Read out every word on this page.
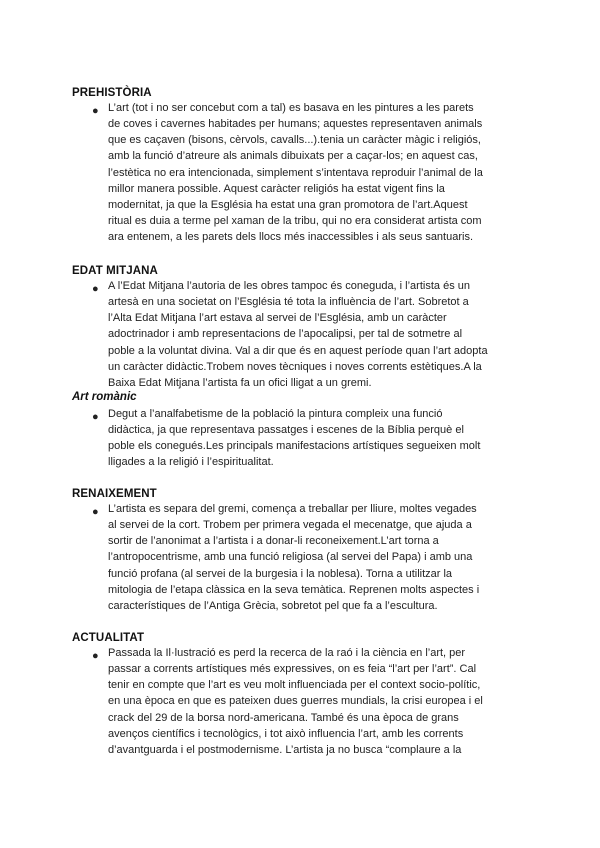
PREHISTÒRIA
● L’art (tot i no ser concebut com a tal) es basava en les pintures a les parets
de coves i cavernes habitades per humans; aquestes representaven animals
que es caçaven (bisons, cèrvols, cavalls...).tenia un caràcter màgic i religiós,
amb la funció d’atreure als animals dibuixats per a caçar-los; en aquest cas,
l’estètica no era intencionada, simplement s’intentava reproduir l’animal de la
millor manera possible. Aquest caràcter religiós ha estat vigent fins la
modernitat, ja que la Església ha estat una gran promotora de l’art.Aquest
ritual es duia a terme pel xaman de la tribu, qui no era considerat artista com
ara entenem, a les parets dels llocs més inaccessibles i als seus santuaris.
EDAT MITJANA
● A l’Edat Mitjana l’autoria de les obres tampoc és coneguda, i l’artista és un
artesà en una societat on l’Església té tota la influència de l’art. Sobretot a
l’Alta Edat Mitjana l’art estava al servei de l’Església, amb un caràcter
adoctrinador i amb representacions de l’apocalipsi, per tal de sotmetre al
poble a la voluntat divina. Val a dir que és en aquest període quan l’art adopta
un caràcter didàctic.Trobem noves tècniques i noves corrents estètiques.A la
Baixa Edat Mitjana l’artista fa un ofici lligat a un gremi.
Art romànic
● Degut a l’analfabetisme de la població la pintura compleix una funció
didàctica, ja que representava passatges i escenes de la Bíblia perquè el
poble els conegués.Les principals manifestacions artístiques segueixen molt
lligades a la religió i l’espiritualitat.
RENAIXEMENT
● L’artista es separa del gremi, comença a treballar per lliure, moltes vegades
al servei de la cort. Trobem per primera vegada el mecenatge, que ajuda a
sortir de l’anonimat a l’artista i a donar-li reconeixement.L’art torna a
l’antropocentrisme, amb una funció religiosa (al servei del Papa) i amb una
funció profana (al servei de la burgesia i la noblesa). Torna a utilitzar la
mitologia de l’etapa clàssica en la seva temàtica. Reprenen molts aspectes i
característiques de l’Antiga Grècia, sobretot pel que fa a l’escultura.
ACTUALITAT
● Passada la Il·lustració es perd la recerca de la raó i la ciència en l’art, per
passar a corrents artístiques més expressives, on es feia “l’art per l’art”. Cal
tenir en compte que l’art es veu molt influenciada per el context socio-polític,
en una època en que es pateixen dues guerres mundials, la crisi europea i el
crack del 29 de la borsa nord-americana. També és una època de grans
avenços científics i tecnològics, i tot això influencia l’art, amb les corrents
d’avantguarda i el postmodernisme. L’artista ja no busca “complaure a la
